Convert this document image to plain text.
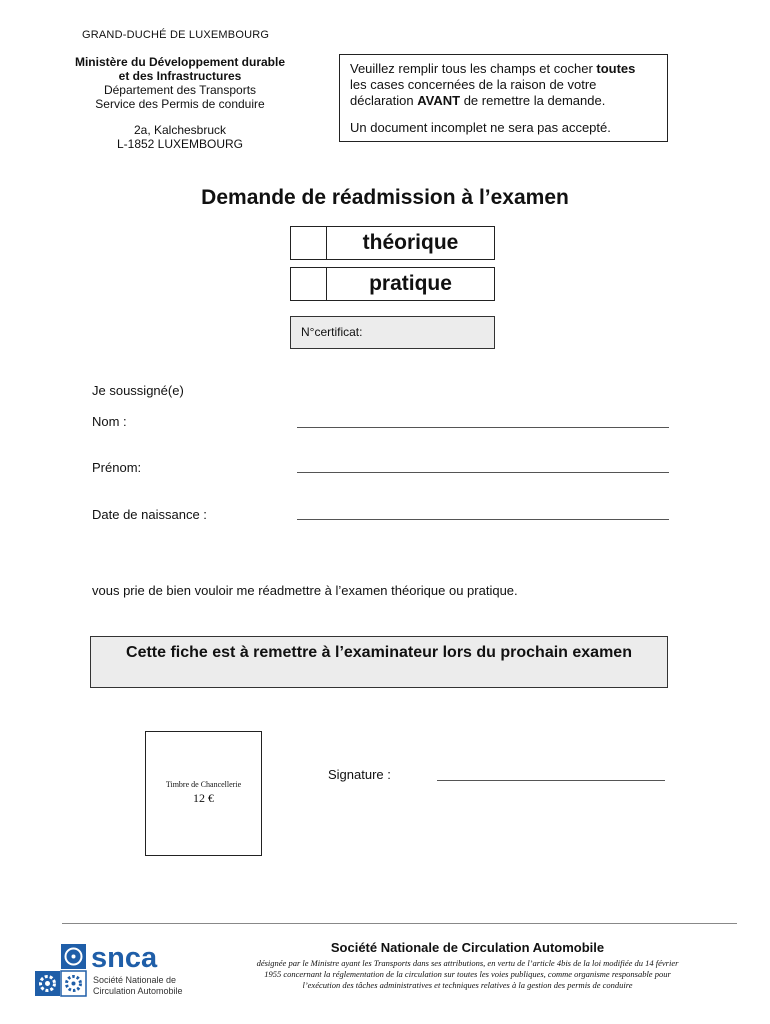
GRAND-DUCHÉ DE LUXEMBOURG
Ministère du Développement durable
et des Infrastructures
Département des Transports
Service des Permis de conduire
2a, Kalchesbruck
L-1852 LUXEMBOURG

Veuillez remplir tous les champs et cocher toutes
les cases concernées de la raison de votre
déclaration AVANT de remettre la demande.

Un document incomplet ne sera pas accepté.

Demande de réadmission à l’examen
théorique
pratique
N°certificat:
Je soussigné(e)
Nom :
Prénom:
Date de naissance :
vous prie de bien vouloir me réadmettre à l’examen théorique ou pratique.
Cette fiche est à remettre à l’examinateur lors du prochain examen
Timbre de Chancellerie
12 €
Signature :
snca
Société Nationale de
Circulation Automobile
Société Nationale de Circulation Automobile
désignée par le Ministre ayant les Transports dans ses attributions, en vertu de l’article 4bis de la loi modifiée du 14 février
1955 concernant la réglementation de la circulation sur toutes les voies publiques, comme organisme responsable pour
l’exécution des tâches administratives et techniques relatives à la gestion des permis de conduire
